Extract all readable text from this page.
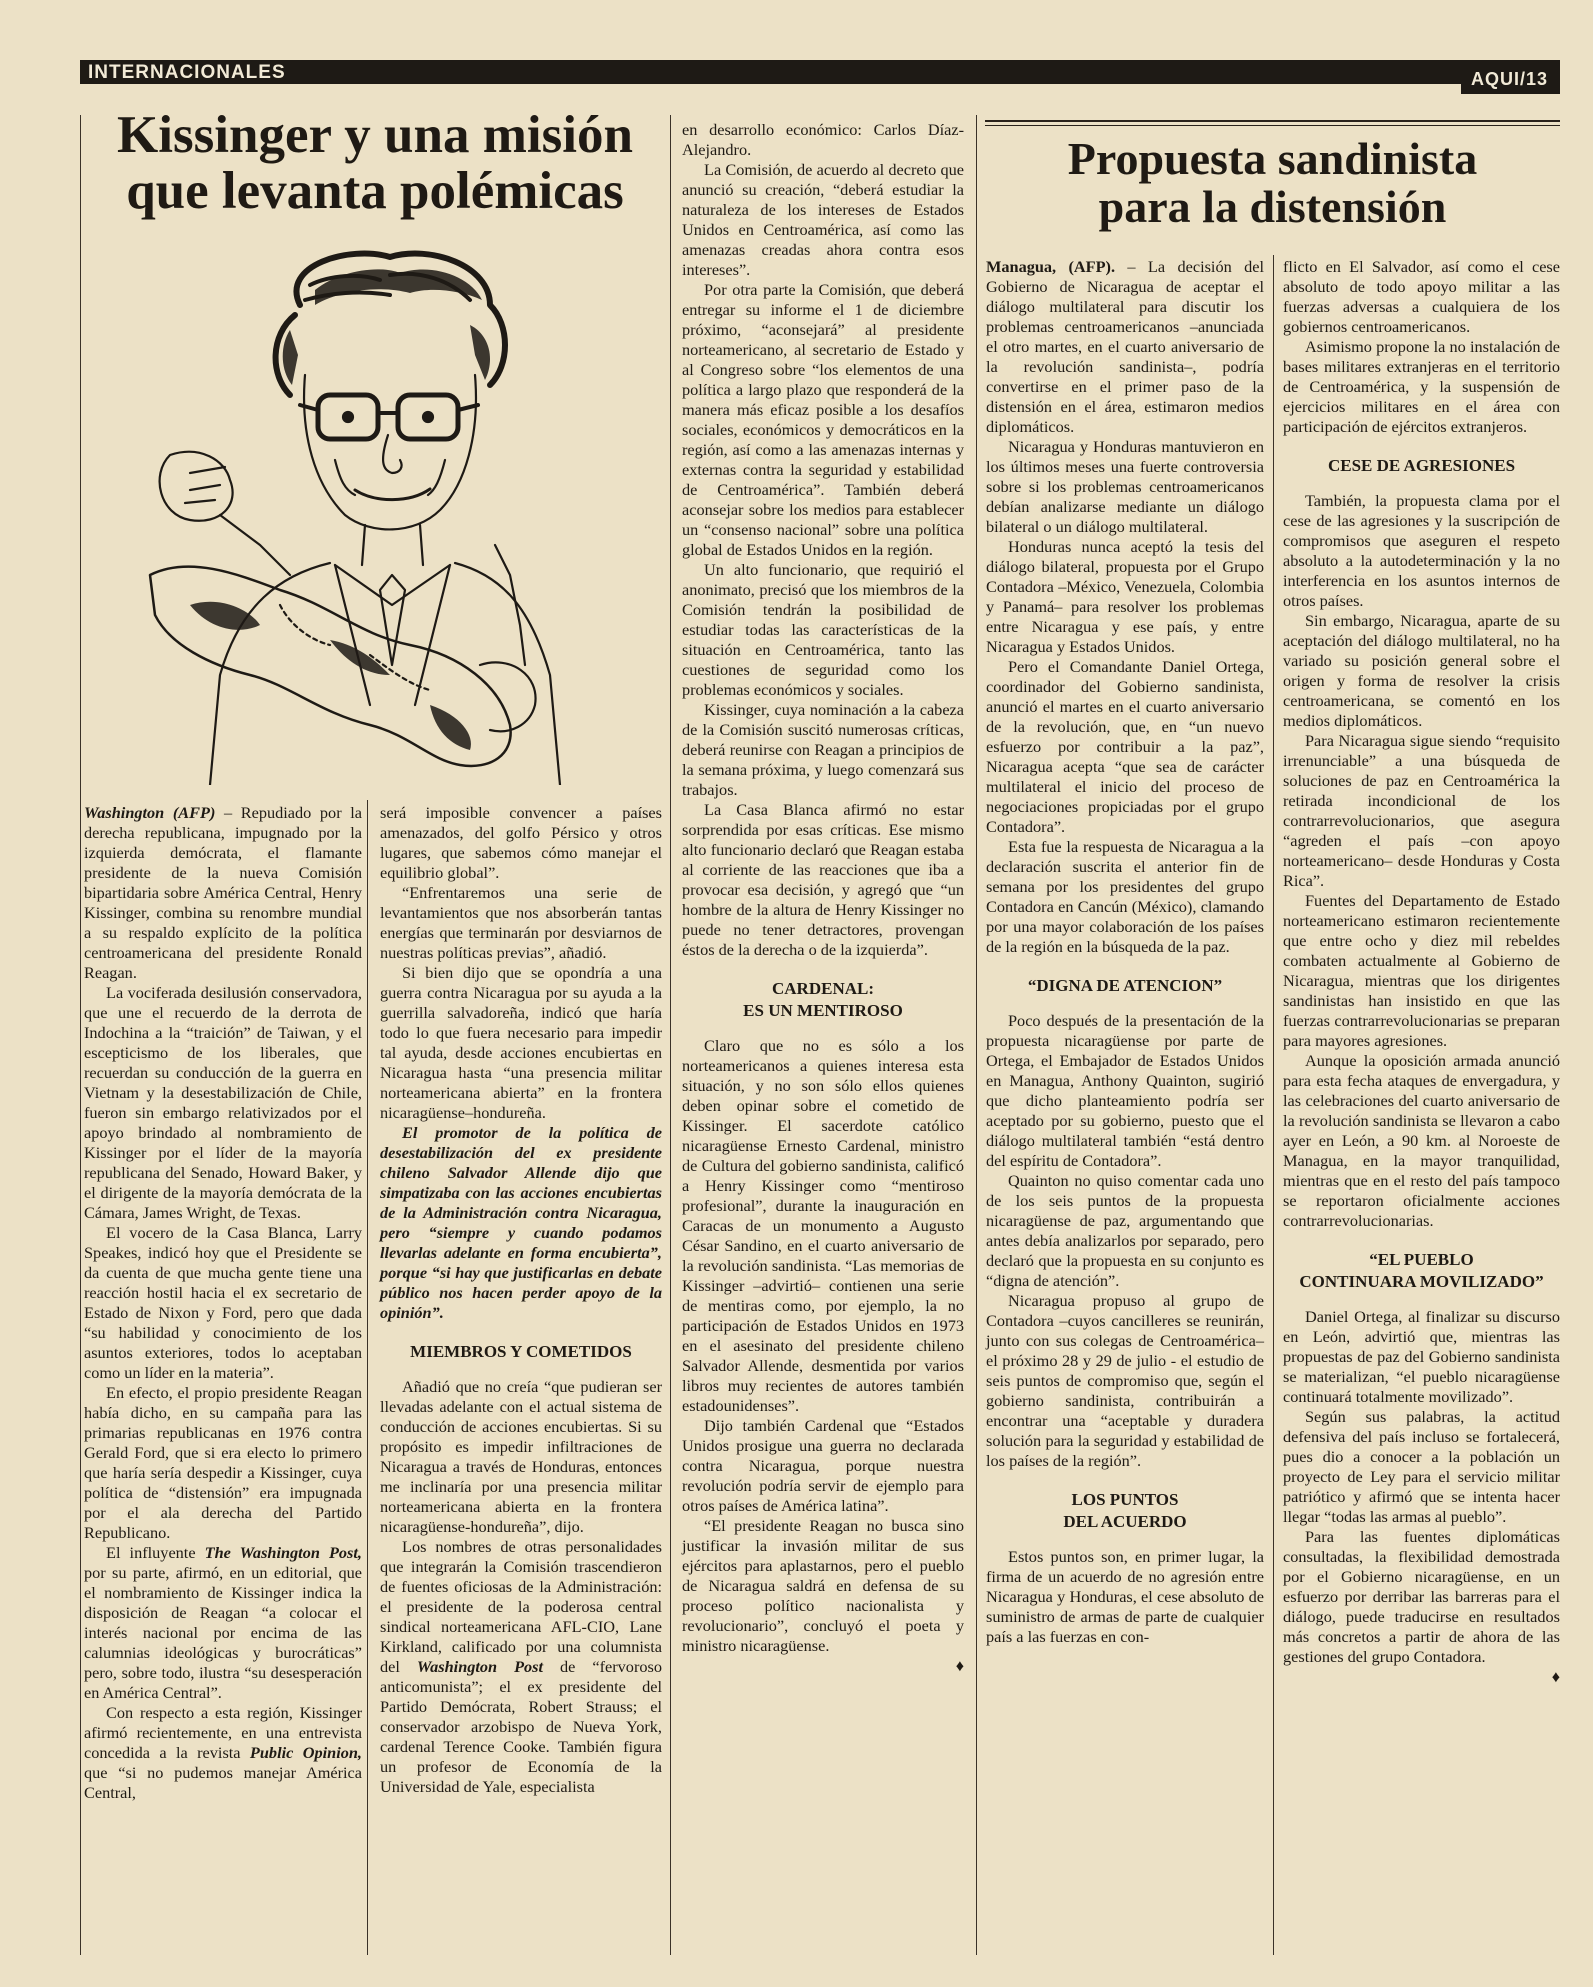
INTERNACIONALES	AQUI/13
Kissinger y una misión que levanta polémicas

Washington (AFP) – Repudiado por la derecha republicana, impugnado por la izquierda demócrata, el flamante presidente de la nueva Comisión bipartidaria sobre América Central, Henry Kissinger, combina su renombre mundial a su respaldo explícito de la política centroamericana del presidente Ronald Reagan.

La vociferada desilusión conservadora, que une el recuerdo de la derrota de Indochina a la “traición” de Taiwan, y el escepticismo de los liberales, que recuerdan su conducción de la guerra en Vietnam y la desestabilización de Chile, fueron sin embargo relativizados por el apoyo brindado al nombramiento de Kissinger por el líder de la mayoría republicana del Senado, Howard Baker, y el dirigente de la mayoría demócrata de la Cámara, James Wright, de Texas.

El vocero de la Casa Blanca, Larry Speakes, indicó hoy que el Presidente se da cuenta de que mucha gente tiene una reacción hostil hacia el ex secretario de Estado de Nixon y Ford, pero que dada “su habilidad y conocimiento de los asuntos exteriores, todos lo aceptaban como un líder en la materia”.

En efecto, el propio presidente Reagan había dicho, en su campaña para las primarias republicanas en 1976 contra Gerald Ford, que si era electo lo primero que haría sería despedir a Kissinger, cuya política de “distensión” era impugnada por el ala derecha del Partido Republicano.

El influyente The Washington Post, por su parte, afirmó, en un editorial, que el nombramiento de Kissinger indica la disposición de Reagan “a colocar el interés nacional por encima de las calumnias ideológicas y burocráticas” pero, sobre todo, ilustra “su desesperación en América Central”.

Con respecto a esta región, Kissinger afirmó recientemente, en una entrevista concedida a la revista Public Opinion, que “si no pudemos manejar América Central,

será imposible convencer a países amenazados, del golfo Pérsico y otros lugares, que sabemos cómo manejar el equilibrio global”.

“Enfrentaremos una serie de levantamientos que nos absorberán tantas energías que terminarán por desviarnos de nuestras políticas previas”, añadió.

Si bien dijo que se opondría a una guerra contra Nicaragua por su ayuda a la guerrilla salvadoreña, indicó que haría todo lo que fuera necesario para impedir tal ayuda, desde acciones encubiertas en Nicaragua hasta “una presencia militar norteamericana abierta” en la frontera nicaragüense–hondureña.

El promotor de la política de desestabilización del ex presidente chileno Salvador Allende dijo que simpatizaba con las acciones encubiertas de la Administración contra Nicaragua, pero “siempre y cuando podamos llevarlas adelante en forma encubierta”, porque “si hay que justificarlas en debate público nos hacen perder apoyo de la opinión”.

MIEMBROS Y COMETIDOS

Añadió que no creía “que pudieran ser llevadas adelante con el actual sistema de conducción de acciones encubiertas. Si su propósito es impedir infiltraciones de Nicaragua a través de Honduras, entonces me inclinaría por una presencia militar norteamericana abierta en la frontera nicaragüense-hondureña”, dijo.

Los nombres de otras personalidades que integrarán la Comisión trascendieron de fuentes oficiosas de la Administración: el presidente de la poderosa central sindical norteamericana AFL-CIO, Lane Kirkland, calificado por una columnista del Washington Post de “fervoroso anticomunista”; el ex presidente del Partido Demócrata, Robert Strauss; el conservador arzobispo de Nueva York, cardenal Terence Cooke. También figura un profesor de Economía de la Universidad de Yale, especialista

en desarrollo económico: Carlos Díaz-Alejandro.

La Comisión, de acuerdo al decreto que anunció su creación, “deberá estudiar la naturaleza de los intereses de Estados Unidos en Centroamérica, así como las amenazas creadas ahora contra esos intereses”.

Por otra parte la Comisión, que deberá entregar su informe el 1 de diciembre próximo, “aconsejará” al presidente norteamericano, al secretario de Estado y al Congreso sobre “los elementos de una política a largo plazo que responderá de la manera más eficaz posible a los desafíos sociales, económicos y democráticos en la región, así como a las amenazas internas y externas contra la seguridad y estabilidad de Centroamérica”. También deberá aconsejar sobre los medios para establecer un “consenso nacional” sobre una política global de Estados Unidos en la región.

Un alto funcionario, que requirió el anonimato, precisó que los miembros de la Comisión tendrán la posibilidad de estudiar todas las características de la situación en Centroamérica, tanto las cuestiones de seguridad como los problemas económicos y sociales.

Kissinger, cuya nominación a la cabeza de la Comisión suscitó numerosas críticas, deberá reunirse con Reagan a principios de la semana próxima, y luego comenzará sus trabajos.

La Casa Blanca afirmó no estar sorprendida por esas críticas. Ese mismo alto funcionario declaró que Reagan estaba al corriente de las reacciones que iba a provocar esa decisión, y agregó que “un hombre de la altura de Henry Kissinger no puede no tener detractores, provengan éstos de la derecha o de la izquierda”.

CARDENAL:
ES UN MENTIROSO

Claro que no es sólo a los norteamericanos a quienes interesa esta situación, y no son sólo ellos quienes deben opinar sobre el cometido de Kissinger. El sacerdote católico nicaragüense Ernesto Cardenal, ministro de Cultura del gobierno sandinista, calificó a Henry Kissinger como “mentiroso profesional”, durante la inauguración en Caracas de un monumento a Augusto César Sandino, en el cuarto aniversario de la revolución sandinista. “Las memorias de Kissinger –advirtió– contienen una serie de mentiras como, por ejemplo, la no participación de Estados Unidos en 1973 en el asesinato del presidente chileno Salvador Allende, desmentida por varios libros muy recientes de autores también estadounidenses”.

Dijo también Cardenal que “Estados Unidos prosigue una guerra no declarada contra Nicaragua, porque nuestra revolución podría servir de ejemplo para otros países de América latina”.

“El presidente Reagan no busca sino justificar la invasión militar de sus ejércitos para aplastarnos, pero el pueblo de Nicaragua saldrá en defensa de su proceso político nacionalista y revolucionario”, concluyó el poeta y ministro nicaragüense.

♦
Propuesta sandinista
para la distensión

Managua, (AFP). – La decisión del Gobierno de Nicaragua de aceptar el diálogo multilateral para discutir los problemas centroamericanos –anunciada el otro martes, en el cuarto aniversario de la revolución sandinista–, podría convertirse en el primer paso de la distensión en el área, estimaron medios diplomáticos.

Nicaragua y Honduras mantuvieron en los últimos meses una fuerte controversia sobre si los problemas centroamericanos debían analizarse mediante un diálogo bilateral o un diálogo multilateral.

Honduras nunca aceptó la tesis del diálogo bilateral, propuesta por el Grupo Contadora –México, Venezuela, Colombia y Panamá– para resolver los problemas entre Nicaragua y ese país, y entre Nicaragua y Estados Unidos.

Pero el Comandante Daniel Ortega, coordinador del Gobierno sandinista, anunció el martes en el cuarto aniversario de la revolución, que, en “un nuevo esfuerzo por contribuir a la paz”, Nicaragua acepta “que sea de carácter multilateral el inicio del proceso de negociaciones propiciadas por el grupo Contadora”.

Esta fue la respuesta de Nicaragua a la declaración suscrita el anterior fin de semana por los presidentes del grupo Contadora en Cancún (México), clamando por una mayor colaboración de los países de la región en la búsqueda de la paz.

“DIGNA DE ATENCION”

Poco después de la presentación de la propuesta nicaragüense por parte de Ortega, el Embajador de Estados Unidos en Managua, Anthony Quainton, sugirió que dicho planteamiento podría ser aceptado por su gobierno, puesto que el diálogo multilateral también “está dentro del espíritu de Contadora”.

Quainton no quiso comentar cada uno de los seis puntos de la propuesta nicaragüense de paz, argumentando que antes debía analizarlos por separado, pero declaró que la propuesta en su conjunto es “digna de atención”.

Nicaragua propuso al grupo de Contadora –cuyos cancilleres se reunirán, junto con sus colegas de Centroamérica– el próximo 28 y 29 de julio - el estudio de seis puntos de compromiso que, según el gobierno sandinista, contribuirán a encontrar una “aceptable y duradera solución para la seguridad y estabilidad de los países de la región”.

LOS PUNTOS
DEL ACUERDO

Estos puntos son, en primer lugar, la firma de un acuerdo de no agresión entre Nicaragua y Honduras, el cese absoluto de suministro de armas de parte de cualquier país a las fuerzas en con-

flicto en El Salvador, así como el cese absoluto de todo apoyo militar a las fuerzas adversas a cualquiera de los gobiernos centroamericanos.

Asimismo propone la no instalación de bases militares extranjeras en el territorio de Centroamérica, y la suspensión de ejercicios militares en el área con participación de ejércitos extranjeros.

CESE DE AGRESIONES

También, la propuesta clama por el cese de las agresiones y la suscripción de compromisos que aseguren el respeto absoluto a la autodeterminación y la no interferencia en los asuntos internos de otros países.

Sin embargo, Nicaragua, aparte de su aceptación del diálogo multilateral, no ha variado su posición general sobre el origen y forma de resolver la crisis centroamericana, se comentó en los medios diplomáticos.

Para Nicaragua sigue siendo “requisito irrenunciable” a una búsqueda de soluciones de paz en Centroamérica la retirada incondicional de los contrarrevolucionarios, que asegura “agreden el país –con apoyo norteamericano– desde Honduras y Costa Rica”.

Fuentes del Departamento de Estado norteamericano estimaron recientemente que entre ocho y diez mil rebeldes combaten actualmente al Gobierno de Nicaragua, mientras que los dirigentes sandinistas han insistido en que las fuerzas contrarrevolucionarias se preparan para mayores agresiones.

Aunque la oposición armada anunció para esta fecha ataques de envergadura, y las celebraciones del cuarto aniversario de la revolución sandinista se llevaron a cabo ayer en León, a 90 km. al Noroeste de Managua, en la mayor tranquilidad, mientras que en el resto del país tampoco se reportaron oficialmente acciones contrarrevolucionarias.

“EL PUEBLO
CONTINUARA MOVILIZADO”

Daniel Ortega, al finalizar su discurso en León, advirtió que, mientras las propuestas de paz del Gobierno sandinista se materializan, “el pueblo nicaragüense continuará totalmente movilizado”.

Según sus palabras, la actitud defensiva del país incluso se fortalecerá, pues dio a conocer a la población un proyecto de Ley para el servicio militar patriótico y afirmó que se intenta hacer llegar “todas las armas al pueblo”.

Para las fuentes diplomáticas consultadas, la flexibilidad demostrada por el Gobierno nicaragüense, en un esfuerzo por derribar las barreras para el diálogo, puede traducirse en resultados más concretos a partir de ahora de las gestiones del grupo Contadora.

♦
